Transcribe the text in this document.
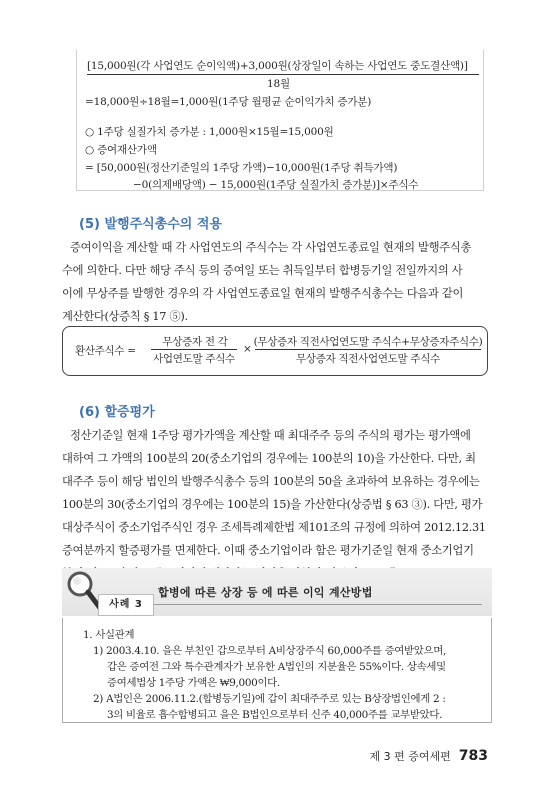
[15,000원(각 사업연도 순이익액)+3,000원(상장일이 속하는 사업연도 중도결산액)]
18월
=18,000원÷18월=1,000원(1주당 월평균 순이익가치 증가분)
○ 1주당 실질가치 증가분 : 1,000원×15월=15,000원
○ 증여재산가액
= [50,000원(정산기준일의 1주당 가액)−10,000원(1주당 취득가액)
−0(의제배당액) − 15,000원(1주당 실질가치 증가분)]×주식수
(5) 발행주식총수의 적용
증여이익을 계산할 때 각 사업연도의 주식수는 각 사업연도종료일 현재의 발행주식총
수에 의한다. 다만 해당 주식 등의 증여일 또는 취득일부터 합병등기일 전일까지의 사
이에 무상주를 발행한 경우의 각 사업연도종료일 현재의 발행주식총수는 다음과 같이
계산한다(상증칙 § 17 ⑤).
환산주식수 =
무상증자 전 각
사업연도말 주식수
×
(무상증자 직전사업연도말 주식수+무상증자주식수)
무상증자 직전사업연도말 주식수
(6) 할증평가
정산기준일 현재 1주당 평가가액을 계산할 때 최대주주 등의 주식의 평가는 평가액에
대하여 그 가액의 100분의 20(중소기업의 경우에는 100분의 10)을 가산한다. 다만, 최
대주주 등이 해당 법인의 발행주식총수 등의 100분의 50을 초과하여 보유하는 경우에는
100분의 30(중소기업의 경우에는 100분의 15)을 가산한다(상증법 § 63 ③). 다만, 평가
대상주식이 중소기업주식인 경우 조세특례제한법 제101조의 규정에 의하여 2012.12.31
증여분까지 할증평가를 면제한다. 이때 중소기업이라 함은 평가기준일 현재 중소기업기
사례 3
합병에 따른 상장 등 에 따른 이익 계산방법
1. 사실관계
1) 2003.4.10. 을은 부친인 갑으로부터 A비상장주식 60,000주를 증여받았으며,
갑은 증여전 그와 특수관계자가 보유한 A법인의 지분율은 55%이다. 상속세및
증여세법상 1주당 가액은 ₩9,000이다.
2) A법인은 2006.11.2.(합병등기일)에 갑이 최대주주로 있는 B상장법인에게 2 :
3의 비율로 흡수합병되고 을은 B법인으로부터 신주 40,000주를 교부받았다.
제 3 편 증여세편 783
